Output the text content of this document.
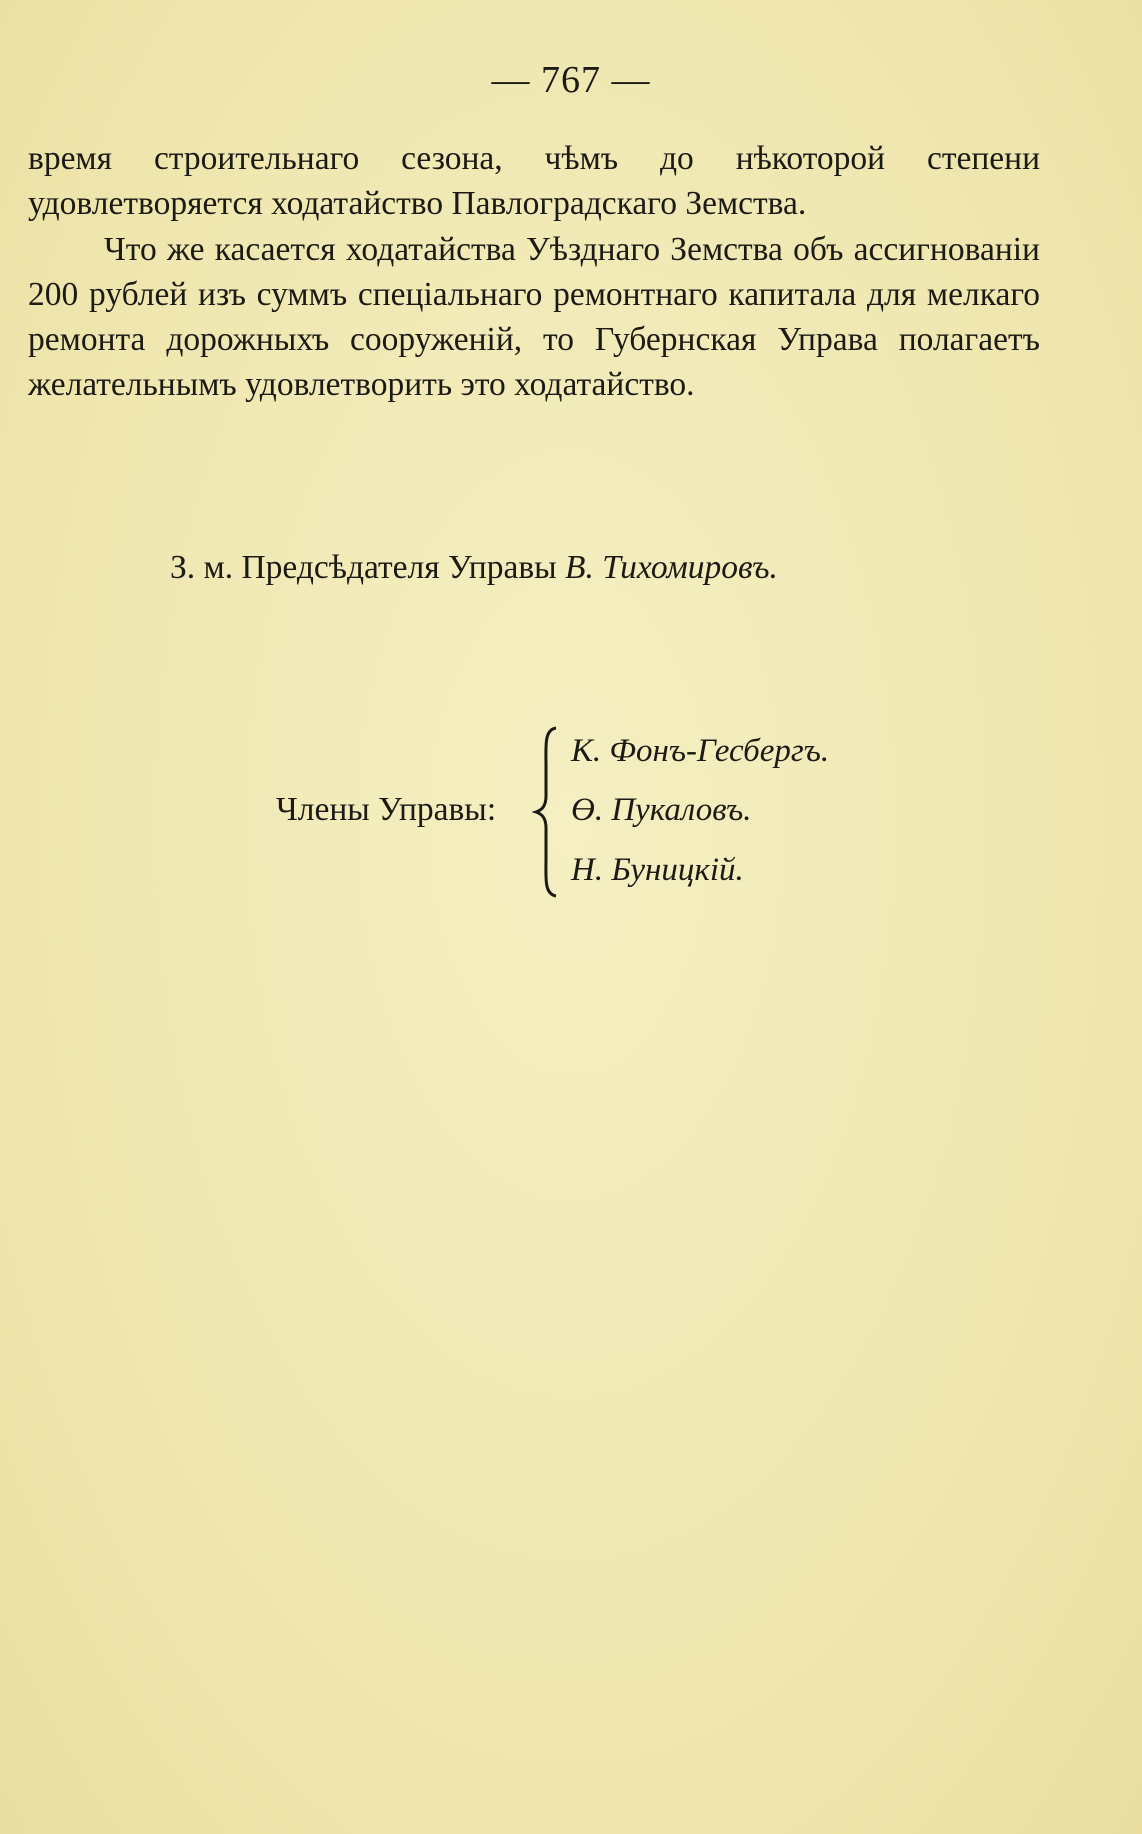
— 767 —

время строительнаго сезона, чѣмъ до нѣкоторой степени удовлетворяется ходатайство Павлоградскаго Земства.

Что же касается ходатайства Уѣзднаго Земства объ ассигнованіи 200 рублей изъ суммъ спеціальнаго ремонтнаго капитала для мелкаго ремонта дорожныхъ сооруженій, то Губернская Управа полагаетъ желательнымъ удовлетворить это ходатайство.

З. м. Предсѣдателя Управы В. Тихомировъ.
Члены Управы:
К. Фонъ-Гесбергъ.
Ө. Пукаловъ.
Н. Буницкій.
